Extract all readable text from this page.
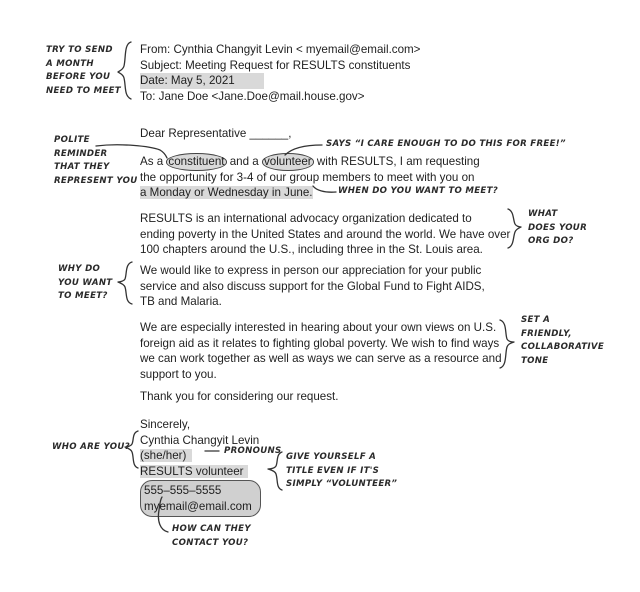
From: Cynthia Changyit Levin < myemail@email.com>
Subject: Meeting Request for RESULTS constituents
Date: May 5, 2021
To: Jane Doe <Jane.Doe@mail.house.gov>
Dear Representative ______,
As a constituent and a volunteer with RESULTS, I am requesting
the opportunity for 3-4 of our group members to meet with you on
a Monday or Wednesday in June.
RESULTS is an international advocacy organization dedicated to
ending poverty in the United States and around the world. We have over
100 chapters around the U.S., including three in the St. Louis area.
We would like to express in person our appreciation for your public
service and also discuss support for the Global Fund to Fight AIDS,
TB and Malaria.
We are especially interested in hearing about your own views on U.S.
foreign aid as it relates to fighting global poverty. We wish to find ways
we can work together as well as ways we can serve as a resource and
support to you.
Thank you for considering our request.
Sincerely,
Cynthia Changyit Levin
(she/her)
RESULTS volunteer
555–555–5555
myemail@email.com
TRY TO SEND
A MONTH
BEFORE YOU
NEED TO MEET
POLITE
REMINDER
THAT THEY
REPRESENT YOU
SAYS “I CARE ENOUGH TO DO THIS FOR FREE!”
WHEN DO YOU WANT TO MEET?
WHAT
DOES YOUR
ORG DO?
WHY DO
YOU WANT
TO MEET?
SET A
FRIENDLY,
COLLABORATIVE
TONE
WHO ARE YOU?	PRONOUNS
GIVE YOURSELF A
TITLE EVEN IF IT'S
SIMPLY “VOLUNTEER”
HOW CAN THEY
CONTACT YOU?
